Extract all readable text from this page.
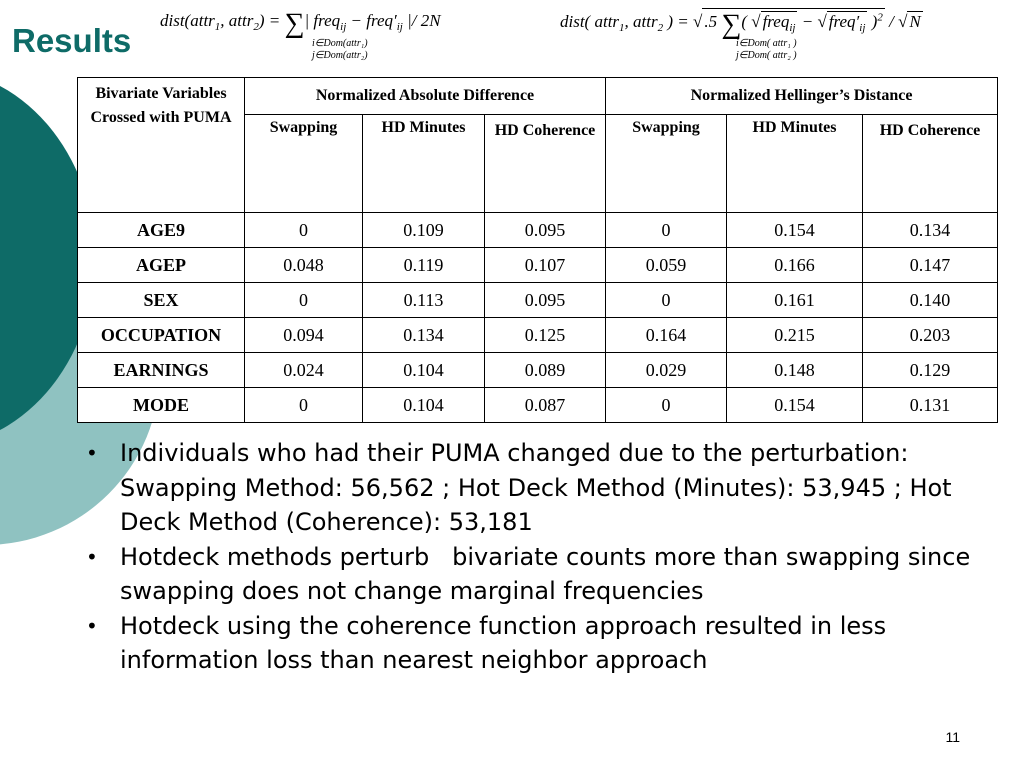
Results
dist(attr$_1$, attr$_2$) = ∑| freq$_{ij}$ − $freq'_{ij}$ |/ 2N
i∈Dom(attr₁)
j∈Dom(attr₂)
dist( attr$_1$, attr$_2$ ) = √ .5 ∑( √ freq$_{ij}$ − √ $freq'_{ij}$ )$^2$ / √ N
i∈Dom( attr₁ )
j∈Dom( attr₂ )
Bivariate Variables Crossed with PUMA	Normalized Absolute Difference			Normalized Hellinger’s Distance		
	Swapping	HD Minutes	HD Coherence	Swapping	HD Minutes	HD Coherence
AGE9	0	0.109	0.095	0	0.154	0.134
AGEP	0.048	0.119	0.107	0.059	0.166	0.147
SEX	0	0.113	0.095	0	0.161	0.140
OCCUPATION	0.094	0.134	0.125	0.164	0.215	0.203
EARNINGS	0.024	0.104	0.089	0.029	0.148	0.129
MODE	0	0.104	0.087	0	0.154	0.131
• Individuals who had their PUMA changed due to the perturbation: Swapping Method: 56,562 ; Hot Deck Method (Minutes): 53,945 ; Hot Deck Method (Coherence): 53,181
• Hotdeck methods perturb   bivariate counts more than swapping since swapping does not change marginal frequencies
• Hotdeck using the coherence function approach resulted in less information loss than nearest neighbor approach
11
